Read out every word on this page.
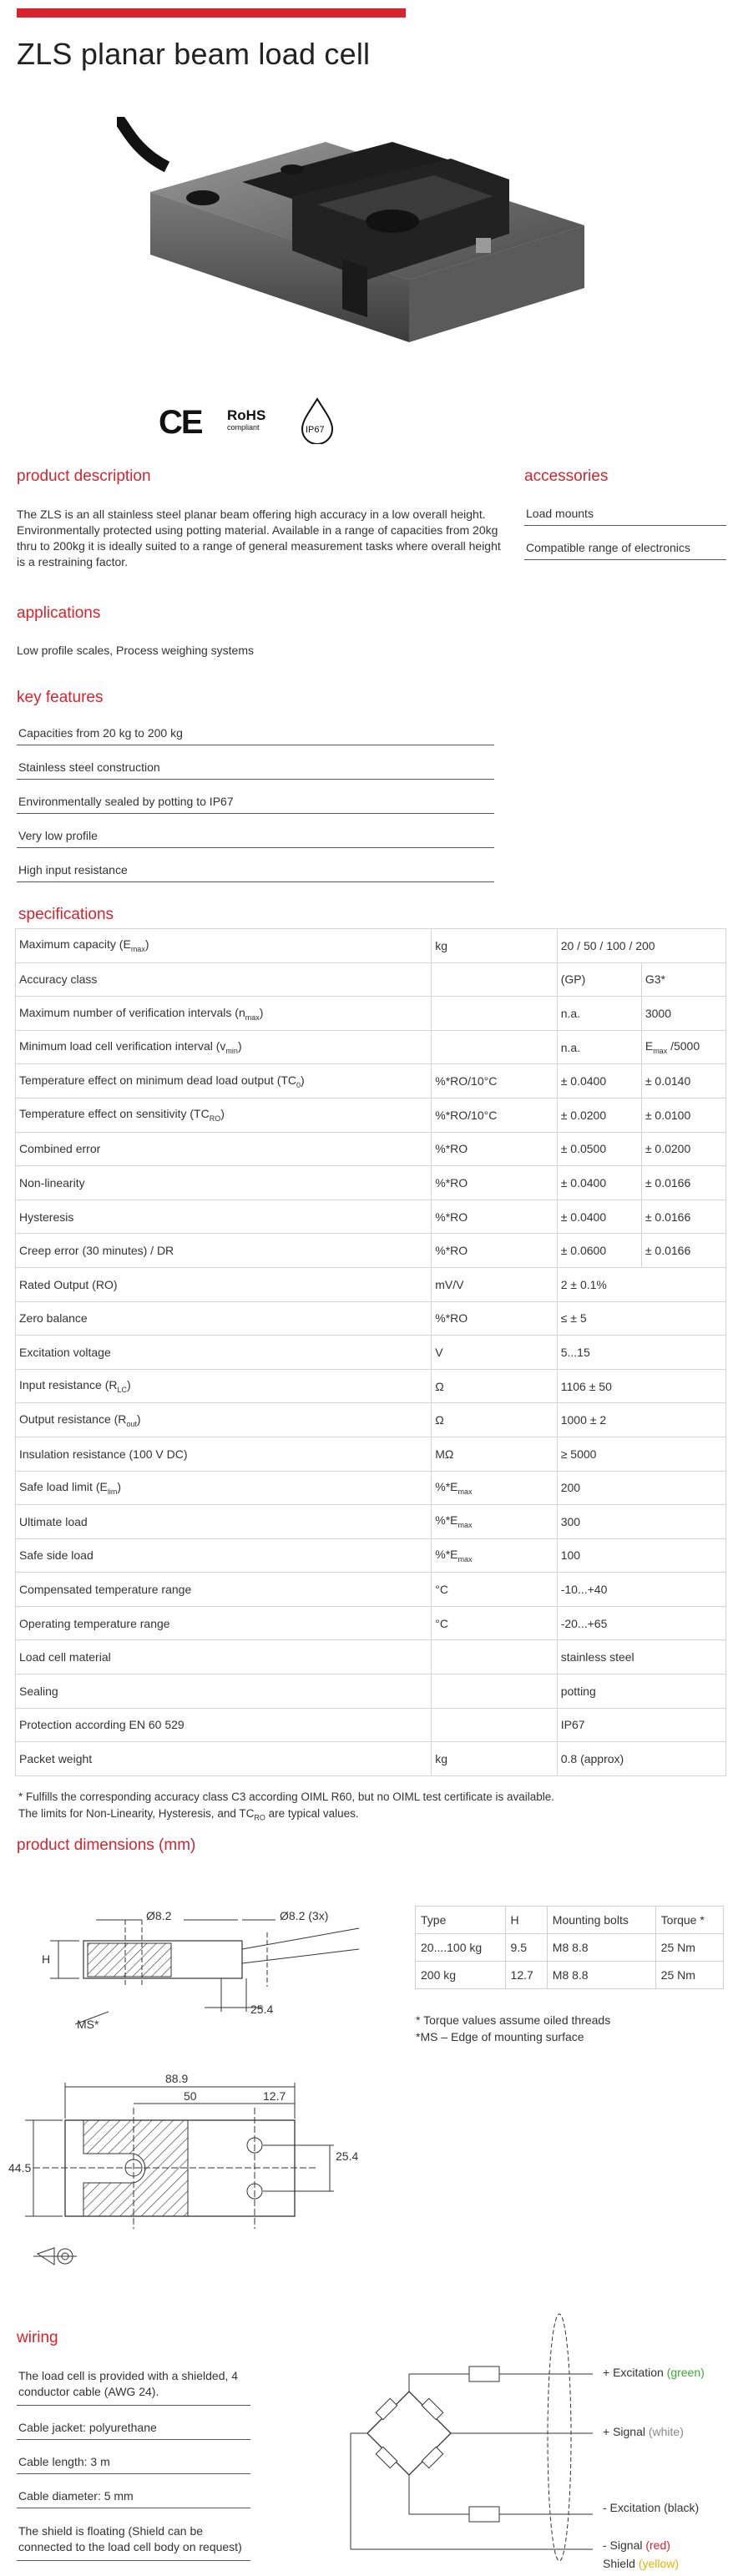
ZLS planar beam load cell
CE RoHS
compliant	IP67
product description

The ZLS is an all stainless steel planar beam offering high accuracy in a low overall height. Environmentally protected using potting material. Available in a range of capacities from 20kg thru to 200kg it is ideally suited to a range of general measurement tasks where overall height is a restraining factor.

accessories
Load mounts
Compatible range of electronics
applications

Low profile scales, Process weighing systems

key features
Capacities from 20 kg to 200 kg
Stainless steel construction
Environmentally sealed by potting to IP67
Very low profile
High input resistance
specifications
Maximum capacity $(E_{max})$	kg	20 / 50 / 100 / 200	
Accuracy class		(GP)	G3*
Maximum number of verification intervals $(n_{max})$		n.a.	3000
Minimum load cell verification interval $(v_{min})$		n.a.	$E_{max}$ /5000
Temperature effect on minimum dead load output $(TC_0)$	%*RO/10°C	± 0.0400	± 0.0140
Temperature effect on sensitivity $(TC_{RO})$	%*RO/10°C	± 0.0200	± 0.0100
Combined error	%*RO	± 0.0500	± 0.0200
Non-linearity	%*RO	± 0.0400	± 0.0166
Hysteresis	%*RO	± 0.0400	± 0.0166
Creep error (30 minutes) / DR	%*RO	± 0.0600	± 0.0166
Rated Output (RO)	mV/V	2 ± 0.1%	
Zero balance	%*RO	≤ ± 5	
Excitation voltage	V	5...15	
Input resistance $(R_{LC})$	Ω	1106 ± 50	
Output resistance $(R_{out})$	Ω	1000 ± 2	
Insulation resistance (100 V DC)	MΩ	≥ 5000	
Safe load limit $(E_{lim})$	$\%*E_{max}$	200	
Ultimate load	$\%*E_{max}$	300	
Safe side load	$\%*E_{max}$	100	
Compensated temperature range	°C	-10...+40	
Operating temperature range	°C	-20...+65	
Load cell material		stainless steel	
Sealing		potting	
Protection according EN 60 529		IP67	
Packet weight	kg	0.8 (approx)	
* Fulfills the corresponding accuracy class C3 according OIML R60, but no OIML test certificate is available.
The limits for Non-Linearity, Hysteresis, and $TC_{RO}$ are typical values.
product dimensions (mm)
H
Ø8.2	Ø8.2 (3x)
MS*
25.4
Type	H	Mounting bolts	Torque *
20....100 kg	9.5	M8 8.8	25 Nm
200 kg	12.7	M8 8.8	25 Nm
* Torque values assume oiled threads
*MS – Edge of mounting surface
88.9
50	12.7
25.4
44.5
wiring
The load cell is provided with a shielded, 4 conductor cable (AWG 24).
Cable jacket: polyurethane
Cable length: 3 m
Cable diameter: 5 mm
The shield is floating (Shield can be connected to the load cell body on request)
+ Excitation (green)
+ Signal (white)
- Excitation (black)
- Signal (red)
Shield (yellow)
